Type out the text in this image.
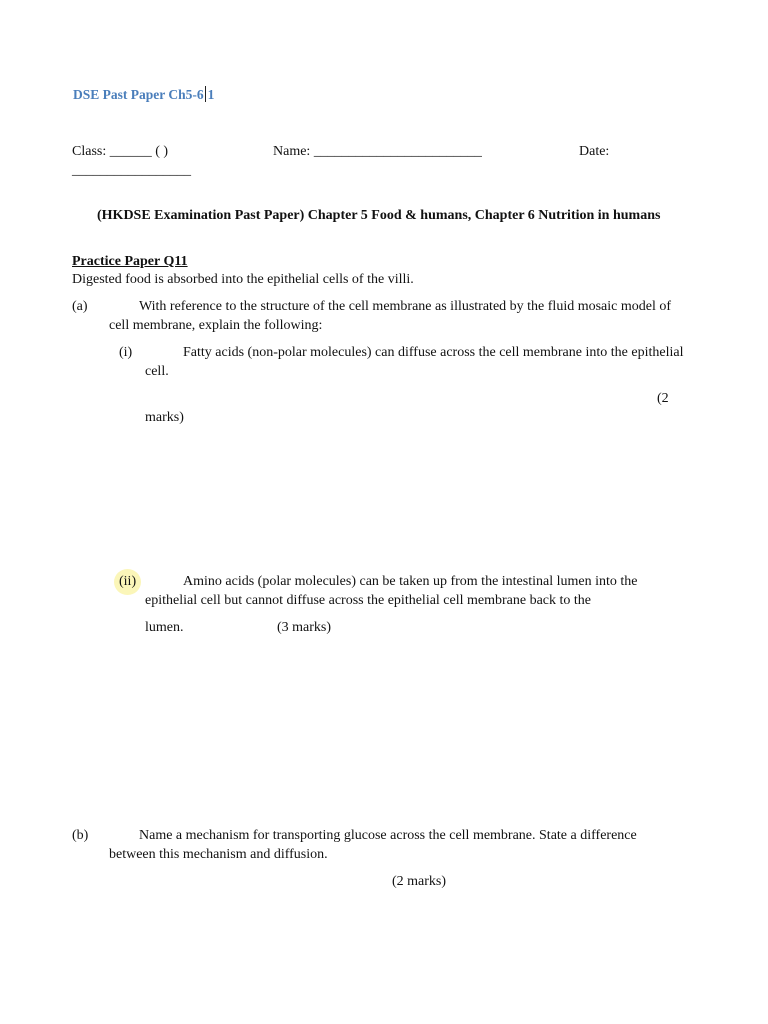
DSE Past Paper Ch5-6 1
Class: ______ ( )	Name: ________________________	Date:
_________________
(HKDSE Examination Past Paper) Chapter 5 Food & humans, Chapter 6 Nutrition in humans
Practice Paper Q11
Digested food is absorbed into the epithelial cells of the villi.
(a)	With reference to the structure of the cell membrane as illustrated by the fluid mosaic model of
cell membrane, explain the following:
(i)	Fatty acids (non-polar molecules) can diffuse across the cell membrane into the epithelial
cell.
(2
marks)
(ii)	Amino acids (polar molecules) can be taken up from the intestinal lumen into the
epithelial cell but cannot diffuse across the epithelial cell membrane back to the
lumen.	(3 marks)
(b)	Name a mechanism for transporting glucose across the cell membrane. State a difference
between this mechanism and diffusion.
(2 marks)
